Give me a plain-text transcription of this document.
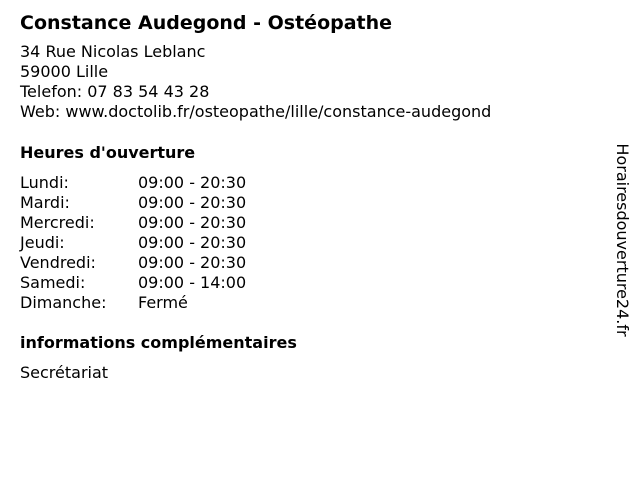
Constance Audegond - Ostéopathe
34 Rue Nicolas Leblanc
59000 Lille
Telefon: 07 83 54 43 28
Web: www.doctolib.fr/osteopathe/lille/constance-audegond
Heures d'ouverture
Lundi:	09:00 - 20:30
Mardi:	09:00 - 20:30
Mercredi:	09:00 - 20:30
Jeudi:	09:00 - 20:30
Vendredi:	09:00 - 20:30
Samedi:	09:00 - 14:00
Dimanche:	Fermé
informations complémentaires
Secrétariat
Horairesdouverture24.fr
